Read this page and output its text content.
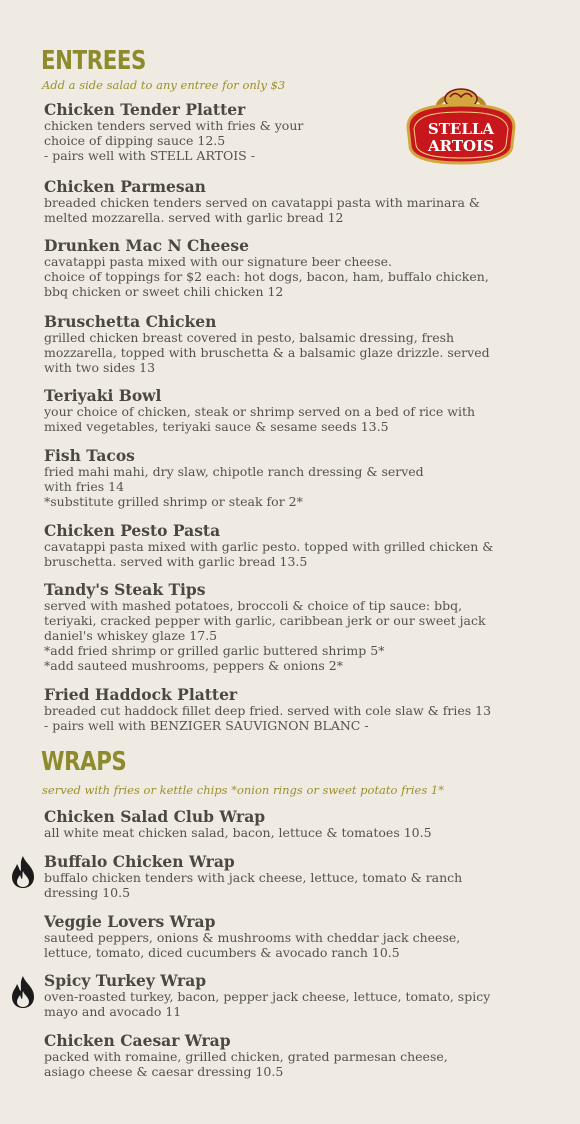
ENTREES

Add a side salad to any entree for only $3

STELLA
ARTOIS

Chicken Tender Platter

chicken tenders served with fries & your

choice of dipping sauce 12.5

- pairs well with STELL ARTOIS -

Chicken Parmesan

breaded chicken tenders served on cavatappi pasta with marinara &

melted mozzarella. served with garlic bread 12

Drunken Mac N Cheese

cavatappi pasta mixed with our signature beer cheese.

choice of toppings for $2 each: hot dogs, bacon, ham, buffalo chicken,

bbq chicken or sweet chili chicken 12

Bruschetta Chicken

grilled chicken breast covered in pesto, balsamic dressing, fresh

mozzarella, topped with bruschetta & a balsamic glaze drizzle. served

with two sides 13

Teriyaki Bowl

your choice of chicken, steak or shrimp served on a bed of rice with

mixed vegetables, teriyaki sauce & sesame seeds 13.5

Fish Tacos

fried mahi mahi, dry slaw, chipotle ranch dressing & served

with fries 14

*substitute grilled shrimp or steak for 2*

Chicken Pesto Pasta

cavatappi pasta mixed with garlic pesto. topped with grilled chicken &

bruschetta. served with garlic bread 13.5

Tandy's Steak Tips

served with mashed potatoes, broccoli & choice of tip sauce: bbq,

teriyaki, cracked pepper with garlic, caribbean jerk or our sweet jack

daniel's whiskey glaze 17.5

*add fried shrimp or grilled garlic buttered shrimp 5*

*add sauteed mushrooms, peppers & onions 2*

Fried Haddock Platter

breaded cut haddock fillet deep fried. served with cole slaw & fries 13

- pairs well with BENZIGER SAUVIGNON BLANC -

WRAPS

served with fries or kettle chips *onion rings or sweet potato fries 1*

Chicken Salad Club Wrap

all white meat chicken salad, bacon, lettuce & tomatoes 10.5

Buffalo Chicken Wrap

buffalo chicken tenders with jack cheese, lettuce, tomato & ranch

dressing 10.5

Veggie Lovers Wrap

sauteed peppers, onions & mushrooms with cheddar jack cheese,

lettuce, tomato, diced cucumbers & avocado ranch 10.5

Spicy Turkey Wrap

oven-roasted turkey, bacon, pepper jack cheese, lettuce, tomato, spicy

mayo and avocado 11

Chicken Caesar Wrap

packed with romaine, grilled chicken, grated parmesan cheese,

asiago cheese & caesar dressing 10.5
